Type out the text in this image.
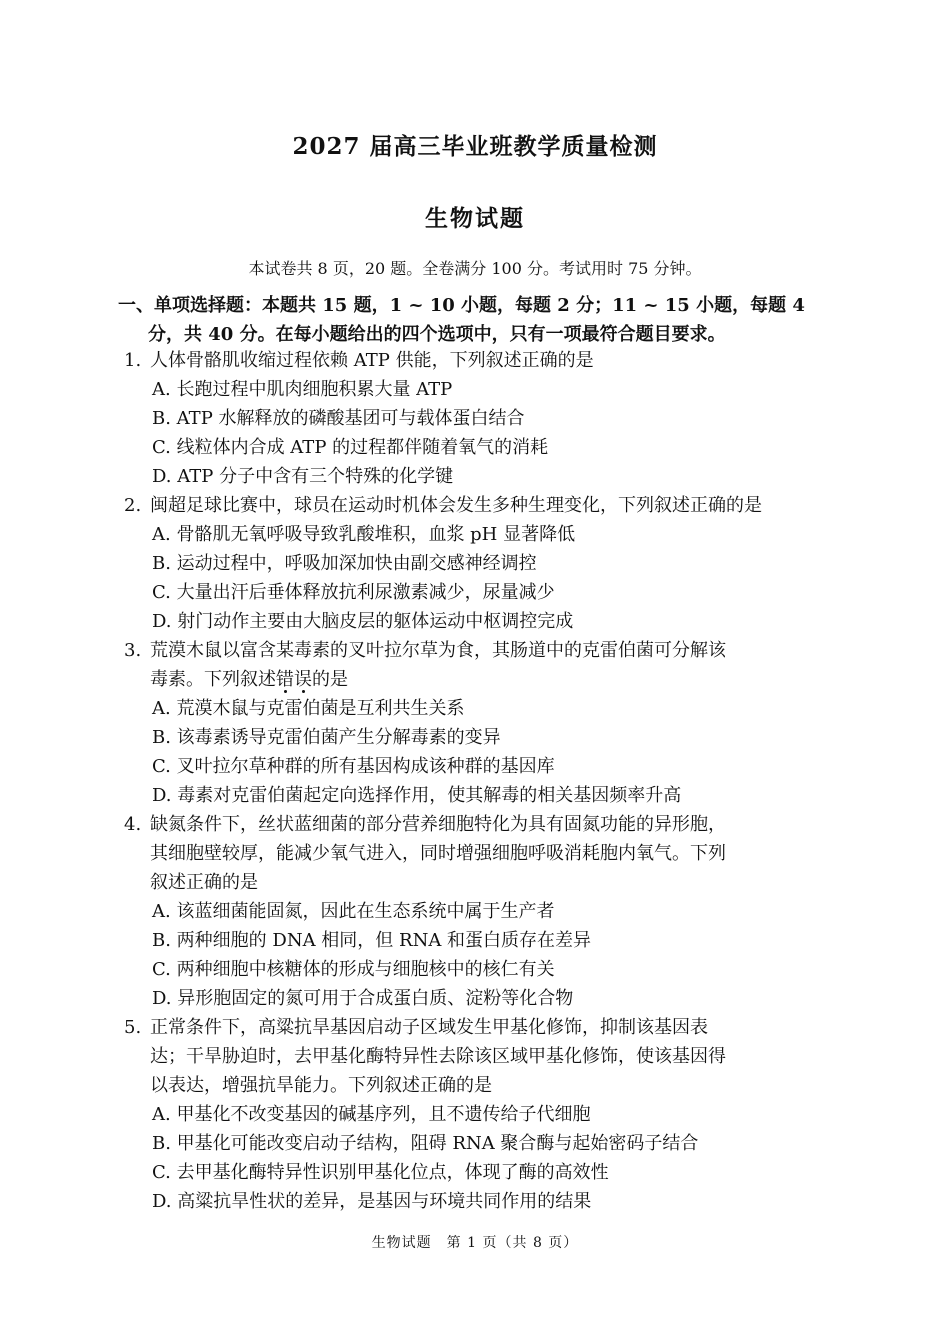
2027 届高三毕业班教学质量检测
生物试题
本试卷共 8 页，20 题。全卷满分 100 分。考试用时 75 分钟。
一、单项选择题：本题共 15 题，1 ~ 10 小题，每题 2 分；11 ~ 15 小题，每题 4
分，共 40 分。在每小题给出的四个选项中，只有一项最符合题目要求。
1. 人体骨骼肌收缩过程依赖 ATP 供能，下列叙述正确的是
A. 长跑过程中肌肉细胞积累大量 ATP
B. ATP 水解释放的磷酸基团可与载体蛋白结合
C. 线粒体内合成 ATP 的过程都伴随着氧气的消耗
D. ATP 分子中含有三个特殊的化学键
2. 闽超足球比赛中，球员在运动时机体会发生多种生理变化，下列叙述正确的是
A. 骨骼肌无氧呼吸导致乳酸堆积，血浆 pH 显著降低
B. 运动过程中，呼吸加深加快由副交感神经调控
C. 大量出汗后垂体释放抗利尿激素减少，尿量减少
D. 射门动作主要由大脑皮层的躯体运动中枢调控完成
3. 荒漠木鼠以富含某毒素的叉叶拉尔草为食，其肠道中的克雷伯菌可分解该
毒素。下列叙述错误的是
A. 荒漠木鼠与克雷伯菌是互利共生关系
B. 该毒素诱导克雷伯菌产生分解毒素的变异
C. 叉叶拉尔草种群的所有基因构成该种群的基因库
D. 毒素对克雷伯菌起定向选择作用，使其解毒的相关基因频率升高
4. 缺氮条件下，丝状蓝细菌的部分营养细胞特化为具有固氮功能的异形胞，
其细胞壁较厚，能减少氧气进入，同时增强细胞呼吸消耗胞内氧气。下列
叙述正确的是
A. 该蓝细菌能固氮，因此在生态系统中属于生产者
B. 两种细胞的 DNA 相同，但 RNA 和蛋白质存在差异
C. 两种细胞中核糖体的形成与细胞核中的核仁有关
D. 异形胞固定的氮可用于合成蛋白质、淀粉等化合物
5. 正常条件下，高粱抗旱基因启动子区域发生甲基化修饰，抑制该基因表
达；干旱胁迫时，去甲基化酶特异性去除该区域甲基化修饰，使该基因得
以表达，增强抗旱能力。下列叙述正确的是
A. 甲基化不改变基因的碱基序列，且不遗传给子代细胞
B. 甲基化可能改变启动子结构，阻碍 RNA 聚合酶与起始密码子结合
C. 去甲基化酶特异性识别甲基化位点，体现了酶的高效性
D. 高粱抗旱性状的差异，是基因与环境共同作用的结果
生物试题　第 1 页（共 8 页）
